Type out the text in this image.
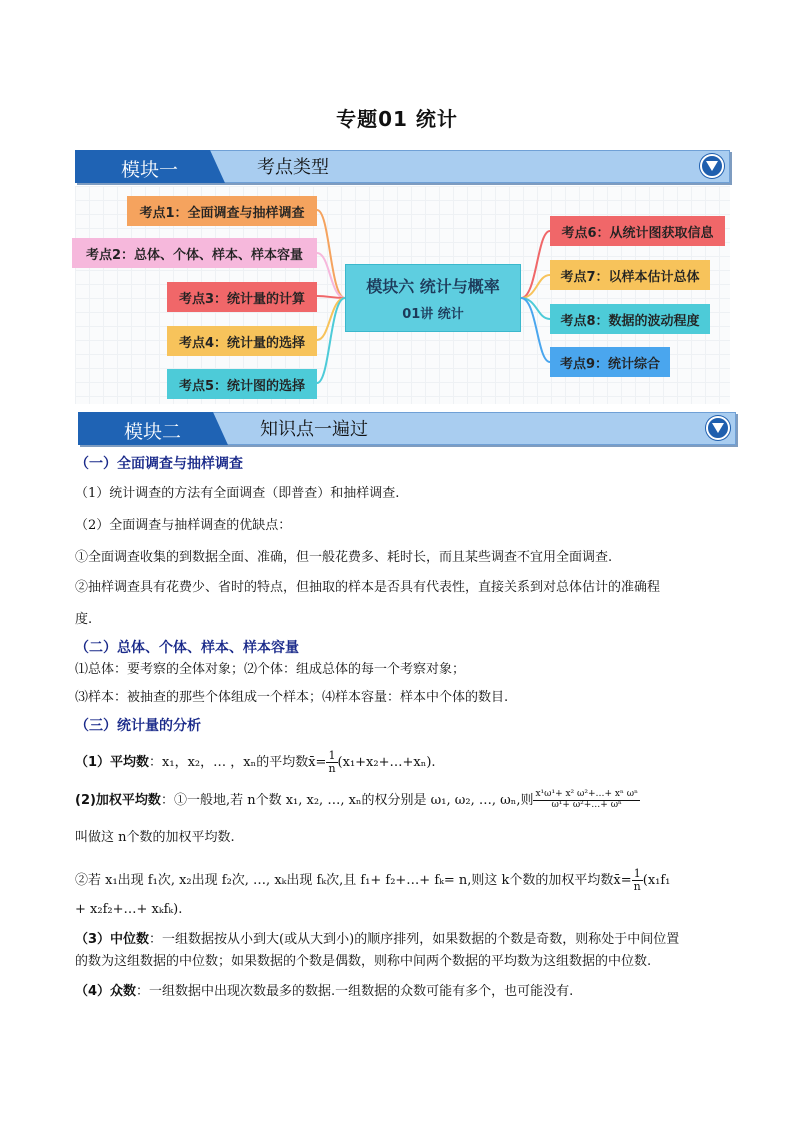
专题01 统计
模块一	考点类型
模块六 统计与概率
01讲 统计
考点1：全面调查与抽样调查
考点2：总体、个体、样本、样本容量
考点3：统计量的计算
考点4：统计量的选择
考点5：统计图的选择
考点6：从统计图获取信息
考点7：以样本估计总体
考点8：数据的波动程度
考点9：统计综合
模块二	知识点一遍过
（一）全面调查与抽样调查
（1）统计调查的方法有全面调查（即普查）和抽样调查.
（2）全面调查与抽样调查的优缺点：
①全面调查收集的到数据全面、准确，但一般花费多、耗时长，而且某些调查不宜用全面调查.
②抽样调查具有花费少、省时的特点，但抽取的样本是否具有代表性，直接关系到对总体估计的准确程
度.
（二）总体、个体、样本、样本容量
⑴总体：要考察的全体对象；⑵个体：组成总体的每一个考察对象；
⑶样本：被抽查的那些个体组成一个样本；⑷样本容量：样本中个体的数目.
（三）统计量的分析
（1）平均数：x₁，x₂，… ，xₙ的平均数x̄= $\frac{1}{n}$ (x₁+x₂+…+xₙ).
(2)加权平均数：①一般地,若 n个数 x₁, x₂, …, xₙ的权分别是 ω₁, ω₂, …, ωₙ,则 $\frac{\text{x¹ω¹+ x² ω²+…+ xⁿ ωⁿ}}{\text{ω¹+ ω²+…+ ωⁿ}}$
叫做这 n个数的加权平均数.
②若 x₁出现 f₁次, x₂出现 f₂次, …, xₖ出现 fₖ次,且 f₁+ f₂+…+ fₖ= n,则这 k个数的加权平均数x̄= $\frac{1}{n} (x_1f_1$
+ x₂f₂+…+ xₖfₖ).
（3）中位数：一组数据按从小到大(或从大到小)的顺序排列，如果数据的个数是奇数，则称处于中间位置
的数为这组数据的中位数；如果数据的个数是偶数，则称中间两个数据的平均数为这组数据的中位数.
（4）众数：一组数据中出现次数最多的数据.一组数据的众数可能有多个，也可能没有.
